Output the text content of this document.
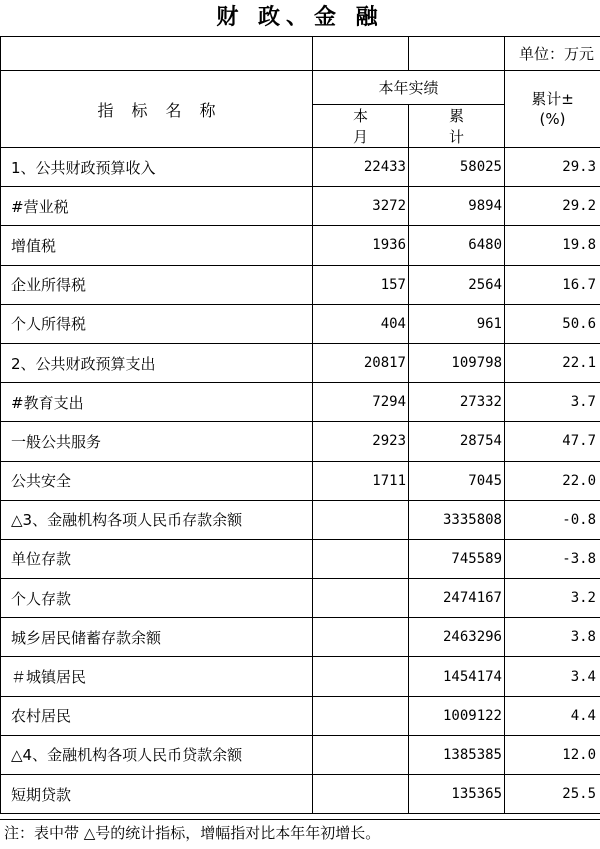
财 政、金 融
			单位：万元
指标名称	本年实绩		累计±
(%)

	本月	累计	
1、公共财政预算收入	22433	58025	29.3
#营业税	3272	9894	29.2
增值税	1936	6480	19.8
企业所得税	157	2564	16.7
个人所得税	404	961	50.6
2、公共财政预算支出	20817	109798	22.1
#教育支出	7294	27332	3.7
一般公共服务	2923	28754	47.7
公共安全	1711	7045	22.0
△3、金融机构各项人民币存款余额		3335808	-0.8
单位存款		745589	-3.8
个人存款		2474167	3.2
城乡居民储蓄存款余额		2463296	3.8
＃城镇居民		1454174	3.4
农村居民		1009122	4.4
△4、金融机构各项人民币贷款余额		1385385	12.0
短期贷款		135365	25.5
注：表中带 △号的统计指标，增幅指对比本年年初增长。
